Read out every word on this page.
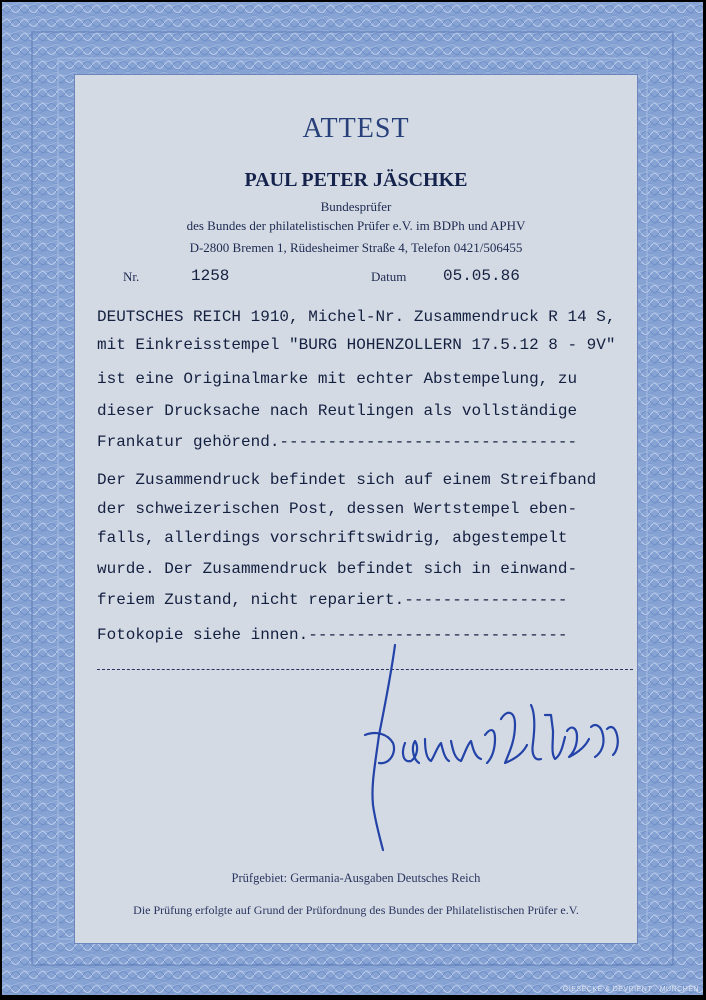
ATTEST
PAUL PETER JÄSCHKE
Bundesprüfer
des Bundes der philatelistischen Prüfer e.V. im BDPh und APHV
D-2800 Bremen 1, Rüdesheimer Straße 4, Telefon 0421/506455
Nr.	1258	Datum 05.05.86
DEUTSCHES REICH 1910, Michel-Nr. Zusammendruck R 14 S,
mit Einkreisstempel "BURG HOHENZOLLERN 17.5.12 8 - 9V"
ist eine Originalmarke mit echter Abstempelung, zu
dieser Drucksache nach Reutlingen als vollständige
Frankatur gehörend.-------------------------------
Der Zusammendruck befindet sich auf einem Streifband
der schweizerischen Post, dessen Wertstempel eben-
falls, allerdings vorschriftswidrig, abgestempelt
wurde. Der Zusammendruck befindet sich in einwand-
freiem Zustand, nicht repariert.-----------------
Fotokopie siehe innen.---------------------------
Prüfgebiet: Germania-Ausgaben Deutsches Reich
Die Prüfung erfolgte auf Grund der Prüfordnung des Bundes der Philatelistischen Prüfer e.V.
GIESECKE & DEVRIENT · MÜNCHEN
